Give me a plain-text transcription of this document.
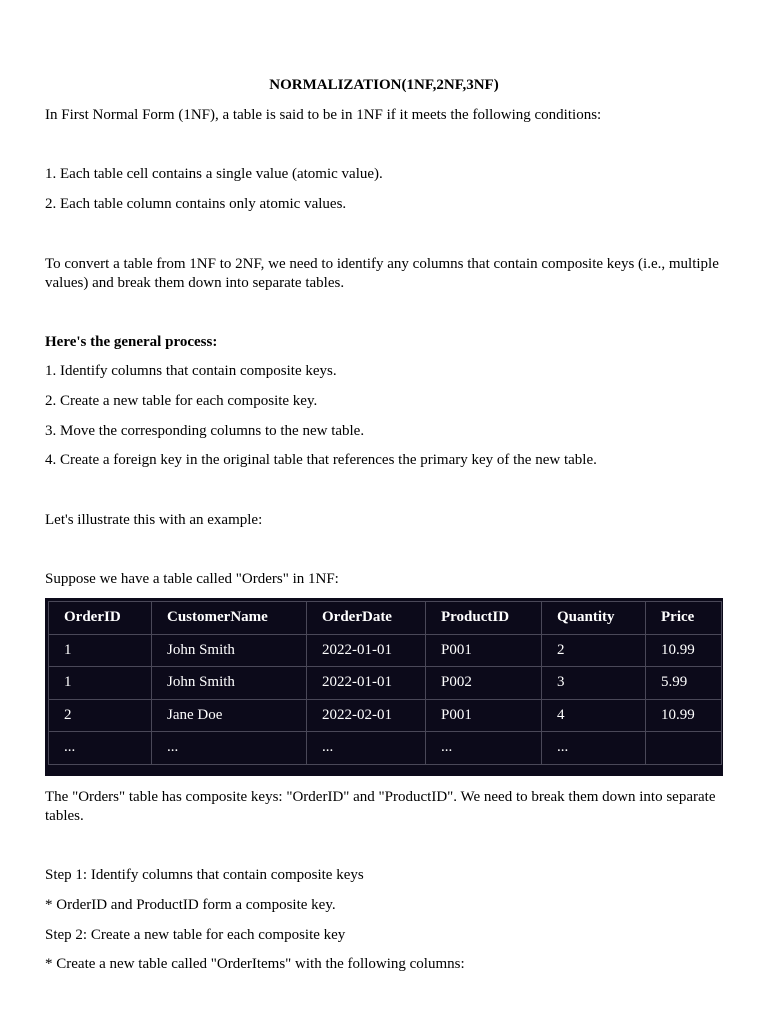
NORMALIZATION(1NF,2NF,3NF)
In First Normal Form (1NF), a table is said to be in 1NF if it meets the following conditions:
1. Each table cell contains a single value (atomic value).
2. Each table column contains only atomic values.
To convert a table from 1NF to 2NF, we need to identify any columns that contain composite keys (i.e., multiple values) and break them down into separate tables.
Here's the general process:
1. Identify columns that contain composite keys.
2. Create a new table for each composite key.
3. Move the corresponding columns to the new table.
4. Create a foreign key in the original table that references the primary key of the new table.
Let's illustrate this with an example:
Suppose we have a table called "Orders" in 1NF:
OrderID	CustomerName	OrderDate	ProductID	Quantity	Price
1	John Smith	2022-01-01	P001	2	10.99
1	John Smith	2022-01-01	P002	3	5.99
2	Jane Doe	2022-02-01	P001	4	10.99
...	...	...	...	...	
The "Orders" table has composite keys: "OrderID" and "ProductID". We need to break them down into separate tables.
Step 1: Identify columns that contain composite keys
* OrderID and ProductID form a composite key.
Step 2: Create a new table for each composite key
* Create a new table called "OrderItems" with the following columns:
